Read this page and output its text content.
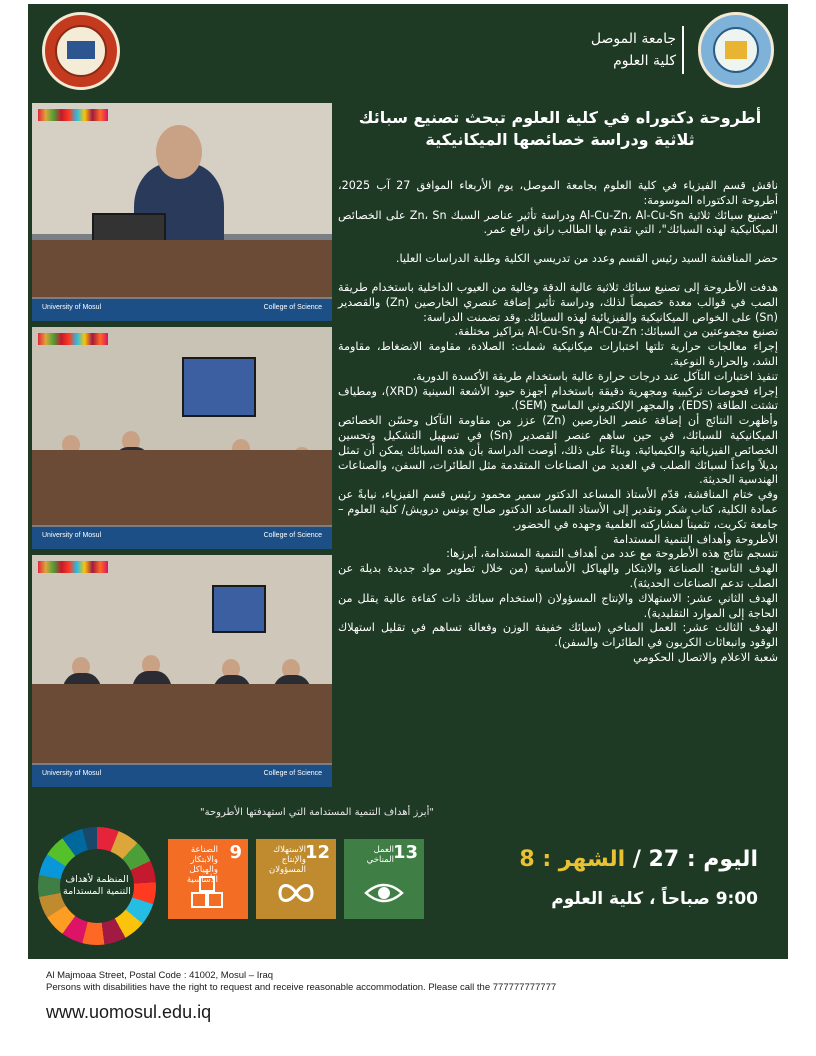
جامعة الموصل
كلية العلوم
University of Mosul	College of Science
University of Mosul	College of Science
University of Mosul	College of Science
أطروحة دكتوراه في كلية العلوم تبحث تصنيع سبائك
ثلاثية ودراسة خصائصها الميكانيكية

ناقش قسم الفيزياء في كلية العلوم بجامعة الموصل، يوم الأربعاء الموافق 27 آب 2025، أطروحة الدكتوراه الموسومة:

"تصنيع سبائك ثلاثية Al-Cu-Zn، Al-Cu-Sn ودراسة تأثير عناصر السبك Zn، Sn على الخصائص الميكانيكية لهذه السبائك"، التي تقدم بها الطالب رانق رافع عمر.

حضر المناقشة السيد رئيس القسم وعدد من تدريسي الكلية وطلبة الدراسات العليا.

هدفت الأطروحة إلى تصنيع سبائك ثلاثية عالية الدقة وخالية من العيوب الداخلية باستخدام طريقة الصب في قوالب معدة خصيصاً لذلك، ودراسة تأثير إضافة عنصري الخارصين (Zn) والقصدير (Sn) على الخواص الميكانيكية والفيزيائية لهذه السبائك. وقد تضمنت الدراسة:

تصنيع مجموعتين من السبائك: Al-Cu-Zn و Al-Cu-Sn بتراكيز مختلفة.

إجراء معالجات حرارية تلتها اختبارات ميكانيكية شملت: الصلادة، مقاومة الانضغاط، مقاومة الشد، والحرارة النوعية.

تنفيذ اختبارات التآكل عند درجات حرارة عالية باستخدام طريقة الأكسدة الدورية.

إجراء فحوصات تركيبية ومجهرية دقيقة باستخدام أجهزة حيود الأشعة السينية (XRD)، ومطياف تشتت الطاقة (EDS)، والمجهر الإلكتروني الماسح (SEM).

وأظهرت النتائج أن إضافة عنصر الخارصين (Zn) عزز من مقاومة التآكل وحسّن الخصائص الميكانيكية للسبائك، في حين ساهم عنصر القصدير (Sn) في تسهيل التشكيل وتحسين الخصائص الفيزيائية والكيميائية. وبناءً على ذلك، أوصت الدراسة بأن هذه السبائك يمكن أن تمثل بديلاً واعداً لسبائك الصلب في العديد من الصناعات المتقدمة مثل الطائرات، السفن، والصناعات الهندسية الحديثة.

وفي ختام المناقشة، قدّم الأستاذ المساعد الدكتور سمير محمود رئيس قسم الفيزياء، نيابةً عن عمادة الكلية، كتاب شكر وتقدير إلى الأستاذ المساعد الدكتور صالح يونس درويش/ كلية العلوم – جامعة تكريت، تثميناً لمشاركته العلمية وجهده في الحضور.

الأطروحة وأهداف التنمية المستدامة

تنسجم نتائج هذه الأطروحة مع عدد من أهداف التنمية المستدامة، أبرزها:

الهدف التاسع: الصناعة والابتكار والهياكل الأساسية (من خلال تطوير مواد جديدة بديلة عن الصلب تدعم الصناعات الحديثة).

الهدف الثاني عشر: الاستهلاك والإنتاج المسؤولان (استخدام سبائك ذات كفاءة عالية يقلل من الحاجة إلى الموارد التقليدية).

الهدف الثالث عشر: العمل المناخي (سبائك خفيفة الوزن وفعالة تساهم في تقليل استهلاك الوقود وانبعاثات الكربون في الطائرات والسفن).

شعبة الاعلام والاتصال الحكومي

"أبرز أهداف التنمية المستدامة التي استهدفتها الأطروحة"
المنظمة لأهداف التنمية المستدامة
9
الصناعة والابتكار والهياكل الأساسية
12
الاستهلاك والإنتاج المسؤولان
13
العمل المناخي	اليوم : 27 / الشهر : 8
9:00 صباحاً ، كلية العلوم
Al Majmoaa Street, Postal Code : 41002, Mosul – Iraq
Persons with disabilities have the right to request and receive reasonable accommodation. Please call the 777777777777
www.uomosul.edu.iq
